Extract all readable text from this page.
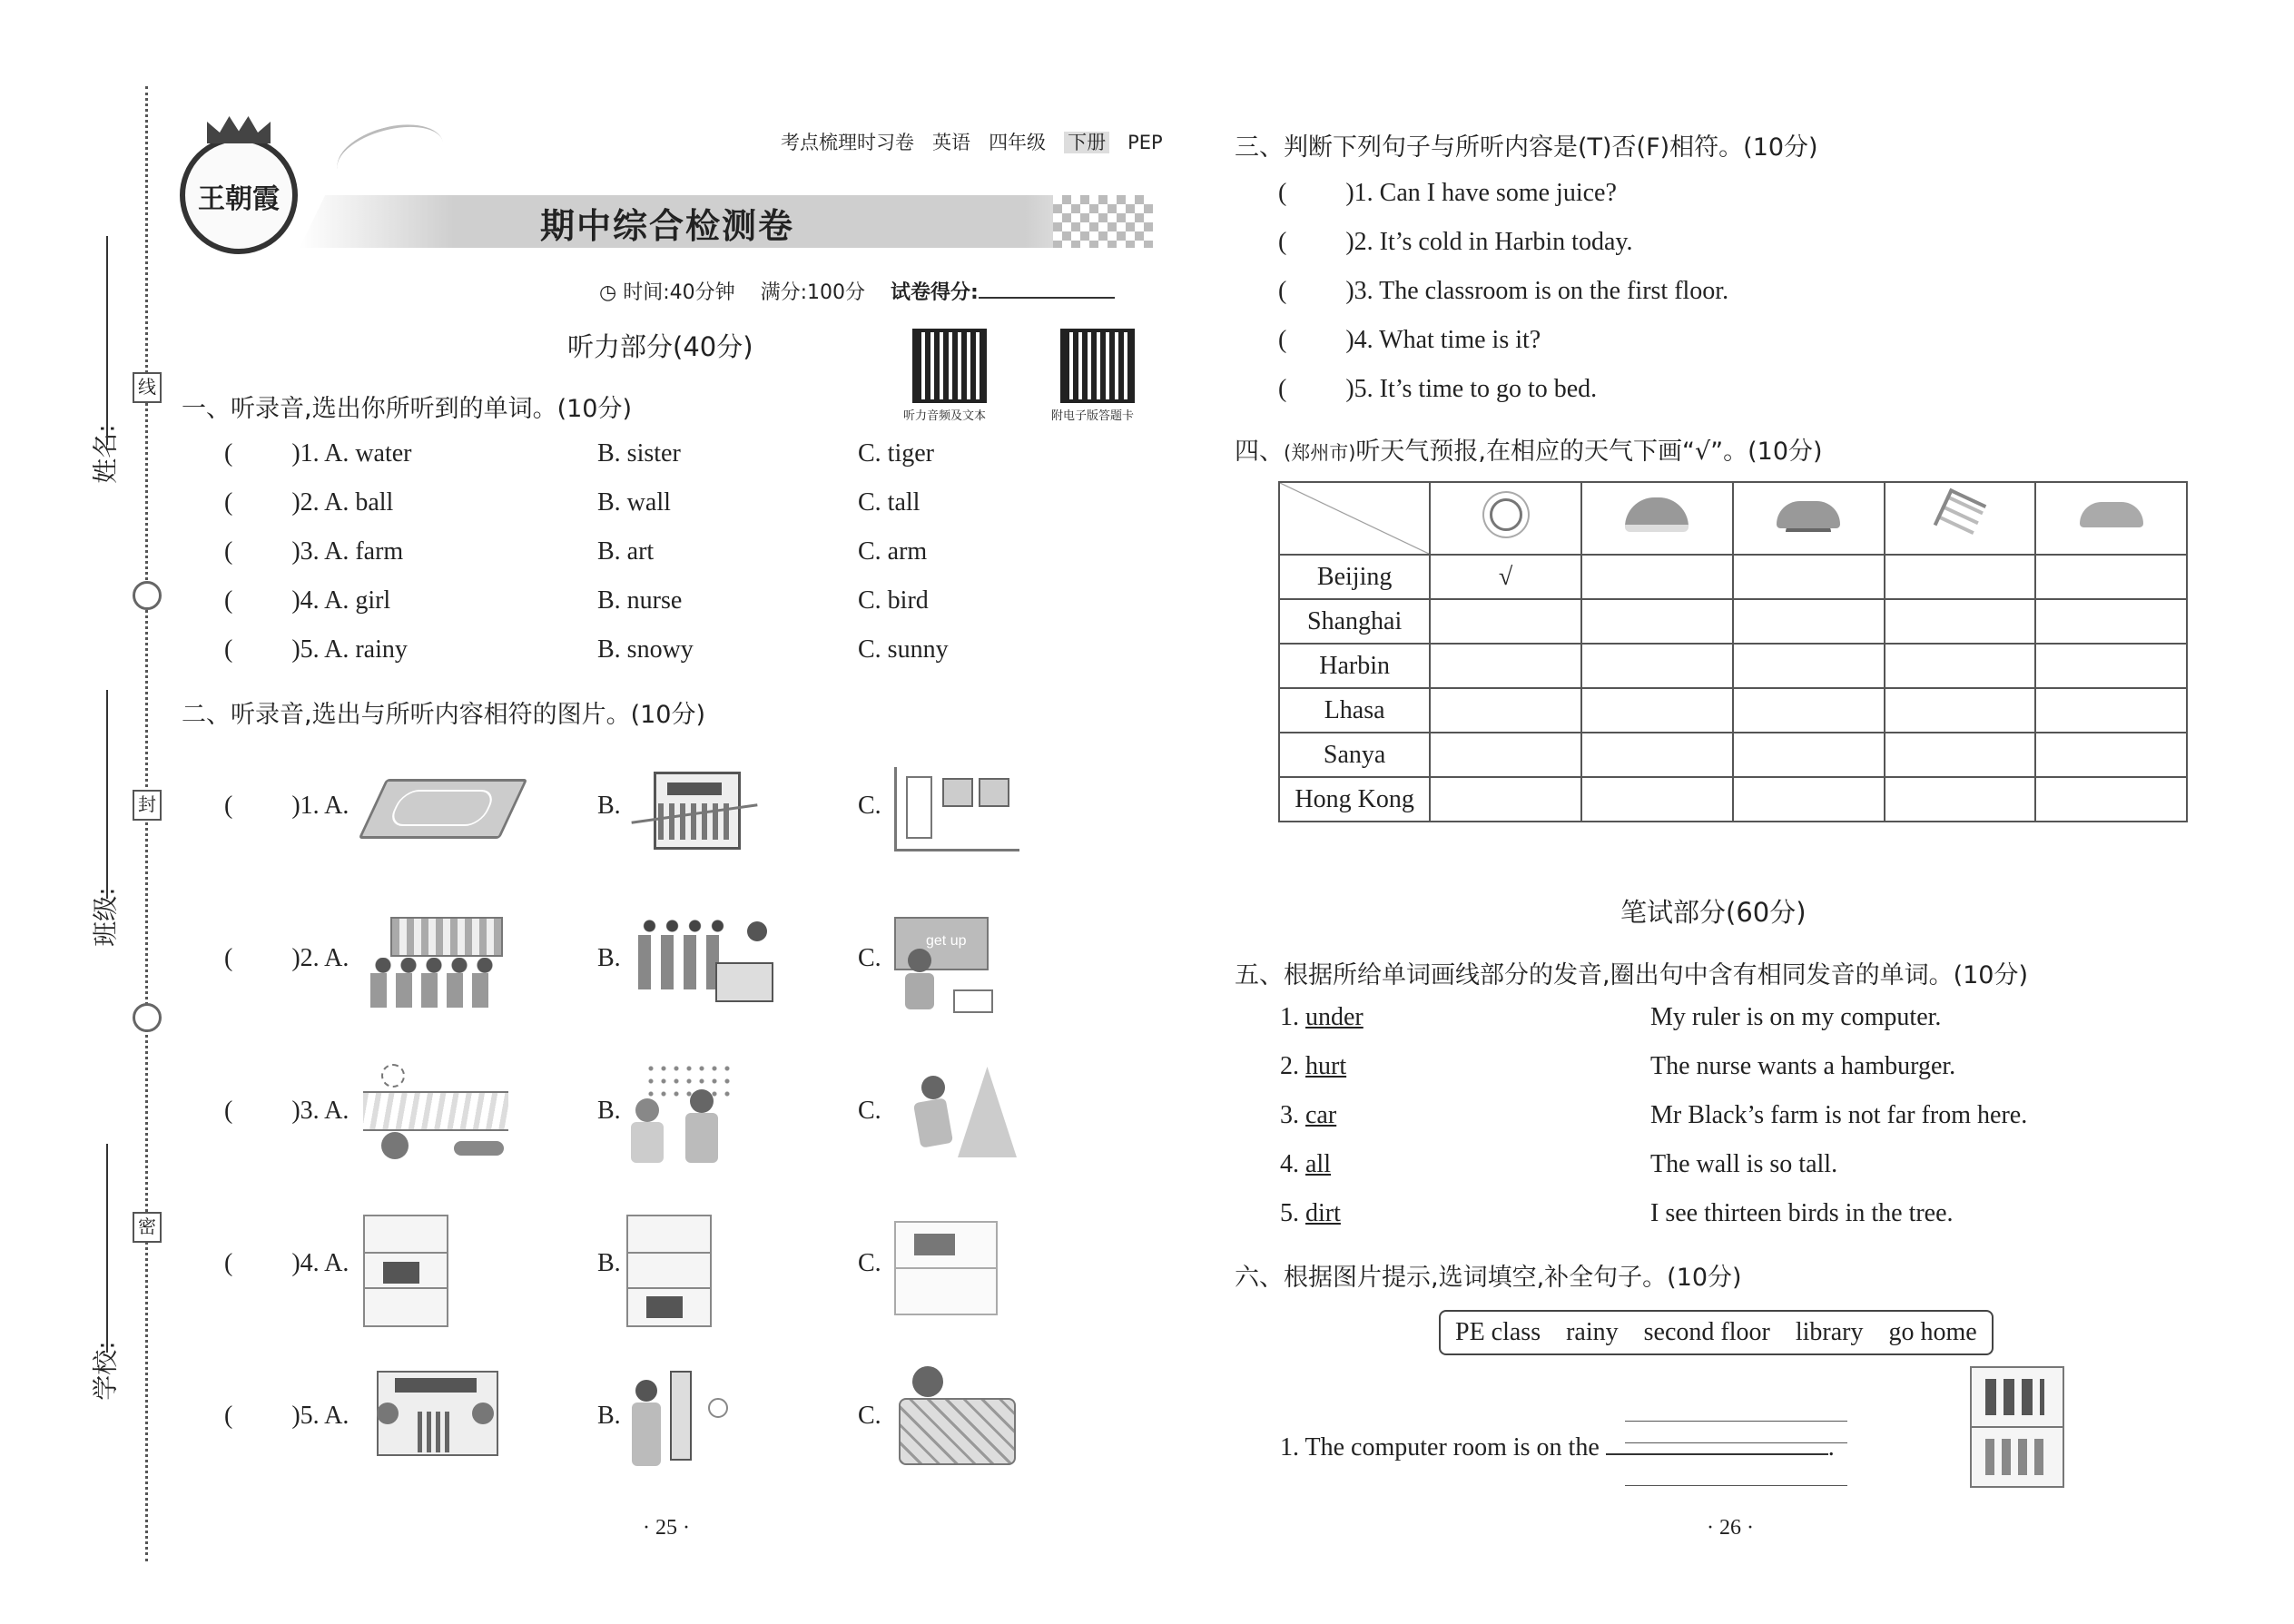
姓名:
班级:
学校:
线
封
密
王朝霞
考点梳理时习卷 英语 四年级 下册 PEP
期中综合检测卷
◷ 时间:40分钟 满分:100分 试卷得分:
听力部分(40分)
听力音频及文本	附电子版答题卡
一、听录音,选出你所听到的单词。(10分)
( )1. A. water	B. sister	C. tiger
( )2. A. ball	B. wall	C. tall
( )3. A. farm	B. art	C. arm
( )4. A. girl	B. nurse	C. bird
( )5. A. rainy	B. snowy	C. sunny
二、听录音,选出与所听内容相符的图片。(10分)
( )1. A.	B.	C.
( )2. A.	B.	C.
get up
( )3. A.	B.	C.
( )4. A.	B.	C.
( )5. A.	B.	C.
· 25 ·
三、判断下列句子与所听内容是(T)否(F)相符。(10分)
( )1. Can I have some juice?
( )2. It’s cold in Harbin today.
( )3. The classroom is on the first floor.
( )4. What time is it?
( )5. It’s time to go to bed.
四、(郑州市)听天气预报,在相应的天气下画“√”。(10分)

Beijing	√				
Shanghai					
Harbin					
Lhasa					
Sanya					
Hong Kong					
笔试部分(60分)
五、根据所给单词画线部分的发音,圈出句中含有相同发音的单词。(10分)
1. under	My ruler is on my computer.
2. hurt	The nurse wants a hamburger.
3. car	Mr Black’s farm is not far from here.
4. all	The wall is so tall.
5. dirt	I see thirteen birds in the tree.
六、根据图片提示,选词填空,补全句子。(10分)
PE class rainy second floor library go home
1. The computer room is on the	.
· 26 ·
